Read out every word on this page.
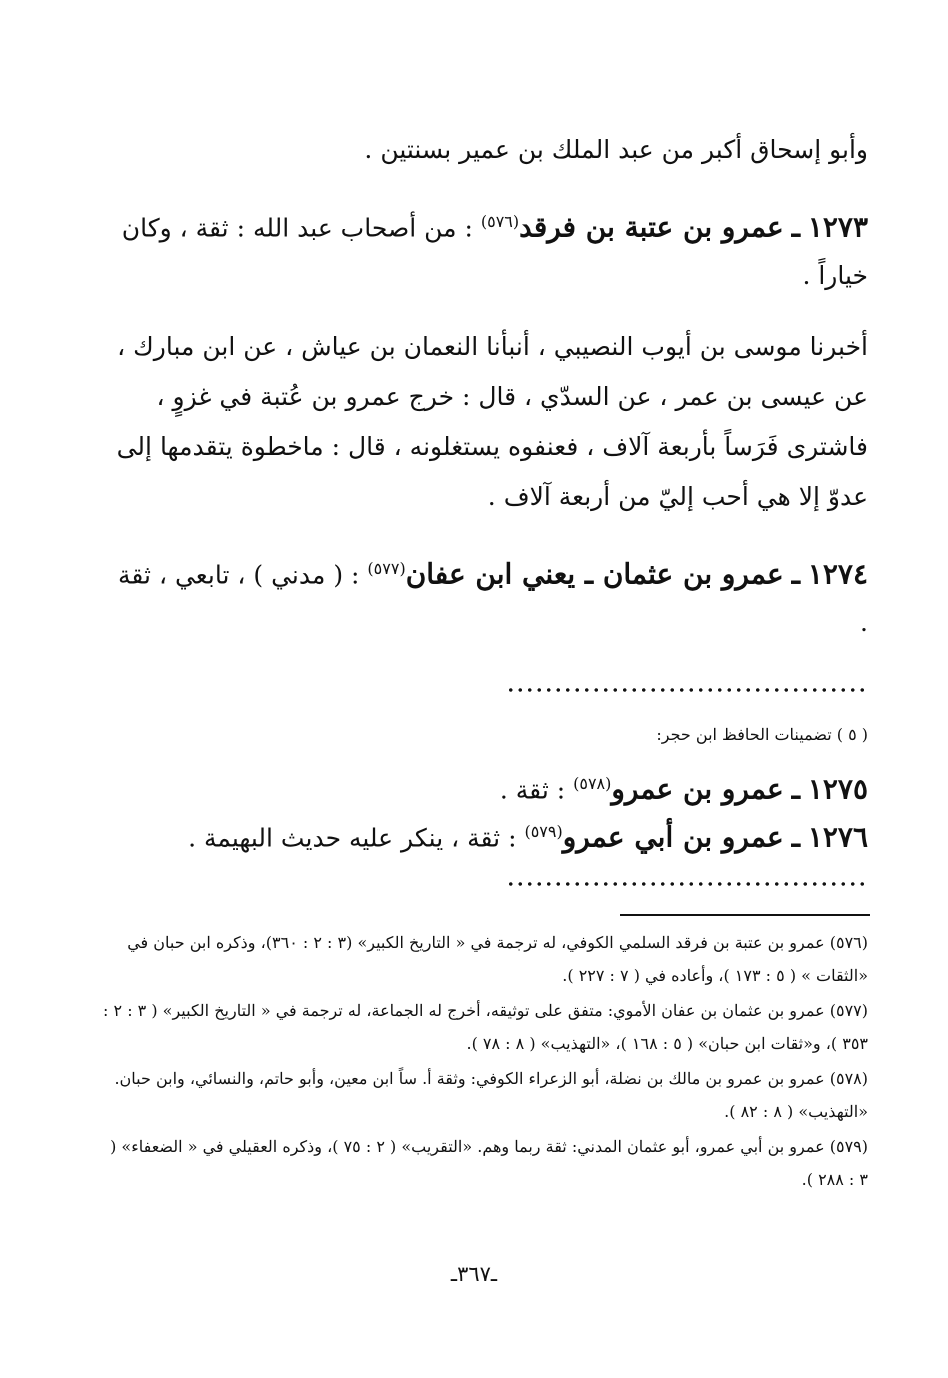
وأبو إسحاق أكبر من عبد الملك بن عمير بسنتين .
١٢٧٣ ـ عمرو بن عتبة بن فرقد$^{(٥٧٦)}$ : من أصحاب عبد الله : ثقة ، وكان خياراً .
أخبرنا موسى بن أيوب النصيبي ، أنبأنا النعمان بن عياش ، عن ابن مبارك ، عن عيسى بن عمر ، عن السدّي ، قال : خرج عمرو بن عُتبة في غزوٍ ، فاشترى فَرَساً بأربعة آلاف ، فعنفوه يستغلونه ، قال : ماخطوة يتقدمها إلى عدوّ إلا هي أحب إليّ من أربعة آلاف .
١٢٧٤ ـ عمرو بن عثمان ـ يعني ابن عفان$^{(٥٧٧)}$ : ( مدني ) ، تابعي ، ثقة .
( ٥ ) تضمينات الحافظ ابن حجر:
١٢٧٥ ـ عمرو بن عمرو$^{(٥٧٨)}$ : ثقة .
١٢٧٦ ـ عمرو بن أبي عمرو$^{(٥٧٩)}$ : ثقة ، ينكر عليه حديث البهيمة .

(٥٧٦) عمرو بن عتبة بن فرقد السلمي الكوفي، له ترجمة في « التاريخ الكبير» (٣ : ٢ : ٣٦٠)، وذكره ابن حبان في «الثقات » ( ٥ : ١٧٣ )، وأعاده في ( ٧ : ٢٢٧ ).

(٥٧٧) عمرو بن عثمان بن عفان الأموي: متفق على توثيقه، أخرج له الجماعة، له ترجمة في « التاريخ الكبير» ( ٣ : ٢ : ٣٥٣ )، و«ثقات ابن حبان» ( ٥ : ١٦٨ )، «التهذيب» ( ٨ : ٧٨ ).

(٥٧٨) عمرو بن عمرو بن مالك بن نضلة، أبو الزعراء الكوفي: وثقة أ. ساً ابن معين، وأبو حاتم، والنسائي، وابن حبان. «التهذيب» ( ٨ : ٨٢ ).

(٥٧٩) عمرو بن أبي عمرو، أبو عثمان المدني: ثقة ربما وهم. «التقريب» ( ٢ : ٧٥ )، وذكره العقيلي في « الضعفاء» ( ٣ : ٢٨٨ ).

ـ٣٦٧ـ
